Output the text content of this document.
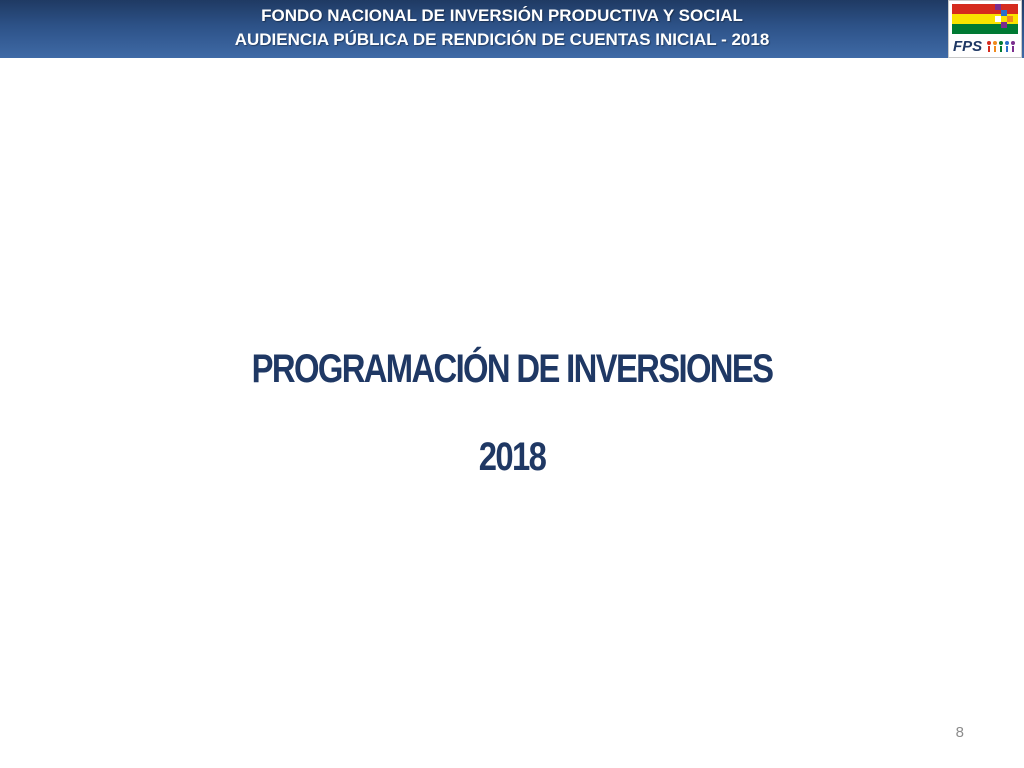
FONDO NACIONAL DE INVERSIÓN PRODUCTIVA Y SOCIAL
AUDIENCIA PÚBLICA DE RENDICIÓN DE CUENTAS INICIAL - 2018	FPS
PROGRAMACIÓN DE INVERSIONES
2018
8
